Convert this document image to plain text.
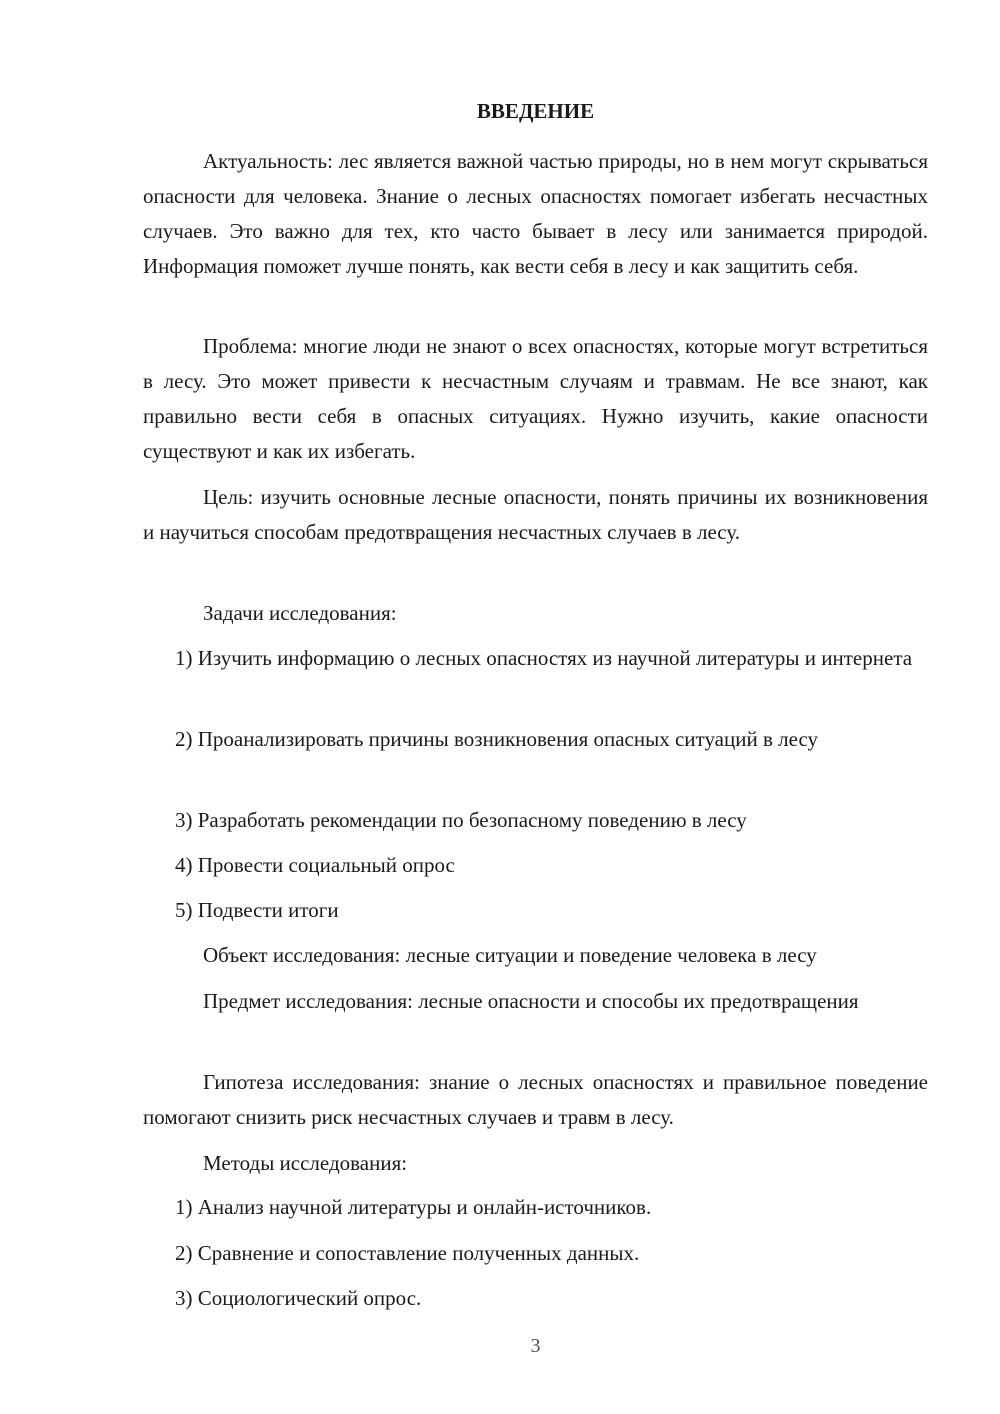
ВВЕДЕНИЕ

Актуальность: лес является важной частью природы, но в нем могут скрываться опасности для человека. Знание о лесных опасностях помогает избегать несчастных случаев. Это важно для тех, кто часто бывает в лесу или занимается природой. Информация поможет лучше понять, как вести себя в лесу и как защитить себя.

Проблема: многие люди не знают о всех опасностях, которые могут встретиться в лесу. Это может привести к несчастным случаям и травмам. Не все знают, как правильно вести себя в опасных ситуациях. Нужно изучить, какие опасности существуют и как их избегать.

Цель: изучить основные лесные опасности, понять причины их возникновения и научиться способам предотвращения несчастных случаев в лесу.

Задачи исследования:

1) Изучить информацию о лесных опасностях из научной литературы и интернета

2) Проанализировать причины возникновения опасных ситуаций в лесу

3) Разработать рекомендации по безопасному поведению в лесу

4) Провести социальный опрос

5) Подвести итоги

Объект исследования: лесные ситуации и поведение человека в лесу

Предмет исследования: лесные опасности и способы их предотвращения

Гипотеза исследования: знание о лесных опасностях и правильное поведение помогают снизить риск несчастных случаев и травм в лесу.

Методы исследования:

1) Анализ научной литературы и онлайн-источников.

2) Сравнение и сопоставление полученных данных.

3) Социологический опрос.

3
